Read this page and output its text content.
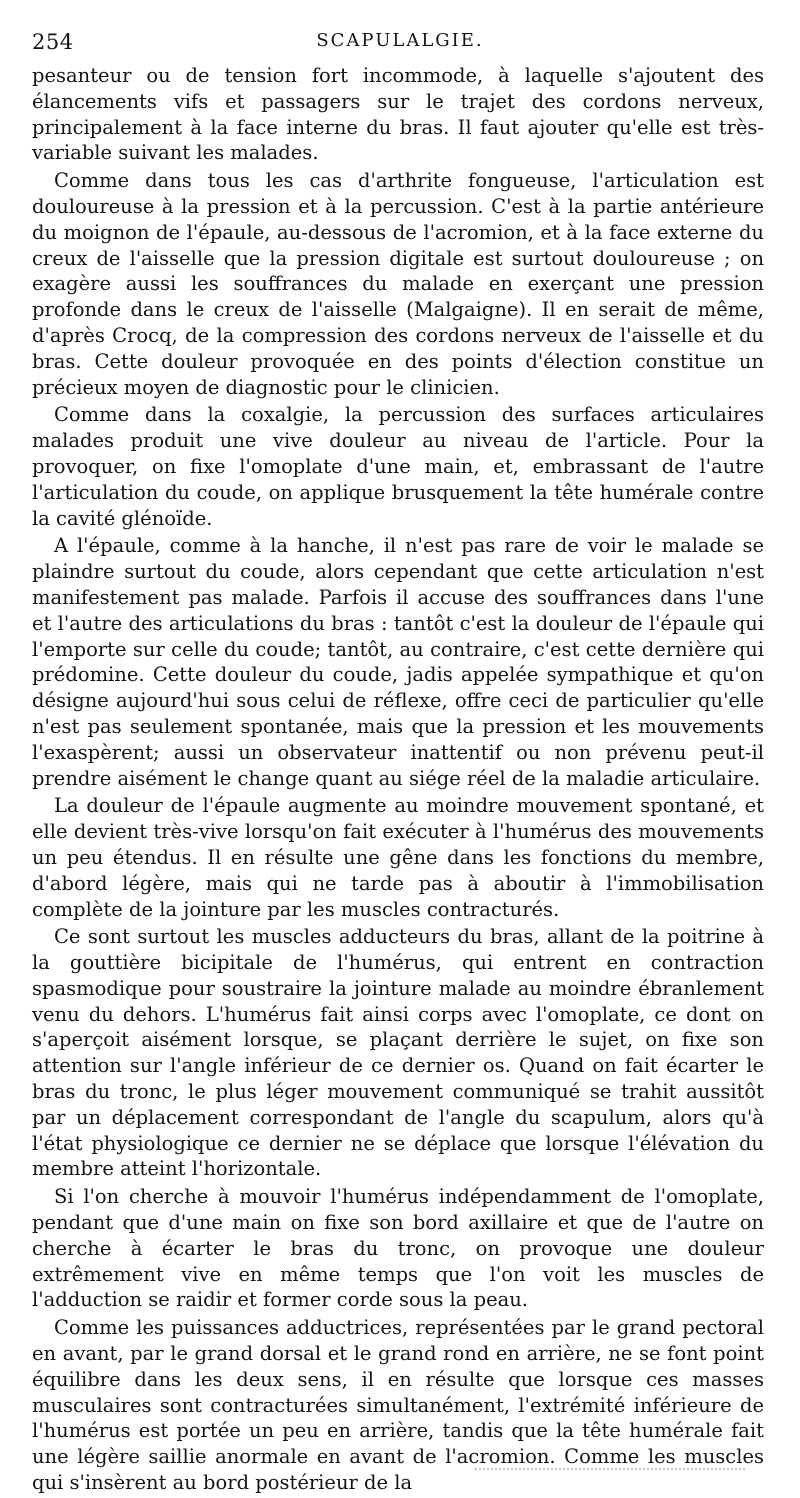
254	SCAPULALGIE.

pesanteur ou de tension fort incommode, à laquelle s'ajoutent des élancements vifs et passagers sur le trajet des cordons nerveux, principalement à la face interne du bras. Il faut ajouter qu'elle est très-variable suivant les malades.

Comme dans tous les cas d'arthrite fongueuse, l'articulation est douloureuse à la pression et à la percussion. C'est à la partie antérieure du moignon de l'épaule, au-dessous de l'acromion, et à la face externe du creux de l'aisselle que la pression digitale est surtout douloureuse ; on exagère aussi les souffrances du malade en exerçant une pression profonde dans le creux de l'aisselle (Malgaigne). Il en serait de même, d'après Crocq, de la compression des cordons nerveux de l'aisselle et du bras. Cette douleur provoquée en des points d'élection constitue un précieux moyen de diagnostic pour le clinicien.

Comme dans la coxalgie, la percussion des surfaces articulaires malades produit une vive douleur au niveau de l'article. Pour la provoquer, on fixe l'omoplate d'une main, et, embrassant de l'autre l'articulation du coude, on applique brusquement la tête humérale contre la cavité glénoïde.

A l'épaule, comme à la hanche, il n'est pas rare de voir le malade se plaindre surtout du coude, alors cependant que cette articulation n'est manifestement pas malade. Parfois il accuse des souffrances dans l'une et l'autre des articulations du bras : tantôt c'est la douleur de l'épaule qui l'emporte sur celle du coude; tantôt, au contraire, c'est cette dernière qui prédomine. Cette douleur du coude, jadis appelée sympathique et qu'on désigne aujourd'hui sous celui de réflexe, offre ceci de particulier qu'elle n'est pas seulement spontanée, mais que la pression et les mouvements l'exaspèrent; aussi un observateur inattentif ou non prévenu peut-il prendre aisément le change quant au siége réel de la maladie articulaire.

La douleur de l'épaule augmente au moindre mouvement spontané, et elle devient très-vive lorsqu'on fait exécuter à l'humérus des mouvements un peu étendus. Il en résulte une gêne dans les fonctions du membre, d'abord légère, mais qui ne tarde pas à aboutir à l'immobilisation complète de la jointure par les muscles contracturés.

Ce sont surtout les muscles adducteurs du bras, allant de la poitrine à la gouttière bicipitale de l'humérus, qui entrent en contraction spasmodique pour soustraire la jointure malade au moindre ébranlement venu du dehors. L'humérus fait ainsi corps avec l'omoplate, ce dont on s'aperçoit aisément lorsque, se plaçant derrière le sujet, on fixe son attention sur l'angle inférieur de ce dernier os. Quand on fait écarter le bras du tronc, le plus léger mouvement communiqué se trahit aussitôt par un déplacement correspondant de l'angle du scapulum, alors qu'à l'état physiologique ce dernier ne se déplace que lorsque l'élévation du membre atteint l'horizontale.

Si l'on cherche à mouvoir l'humérus indépendamment de l'omoplate, pendant que d'une main on fixe son bord axillaire et que de l'autre on cherche à écarter le bras du tronc, on provoque une douleur extrêmement vive en même temps que l'on voit les muscles de l'adduction se raidir et former corde sous la peau.

Comme les puissances adductrices, représentées par le grand pectoral en avant, par le grand dorsal et le grand rond en arrière, ne se font point équilibre dans les deux sens, il en résulte que lorsque ces masses musculaires sont contracturées simultanément, l'extrémité inférieure de l'humérus est portée un peu en arrière, tandis que la tête humérale fait une légère saillie anormale en avant de l'acromion. Comme les muscles qui s'insèrent au bord postérieur de la
